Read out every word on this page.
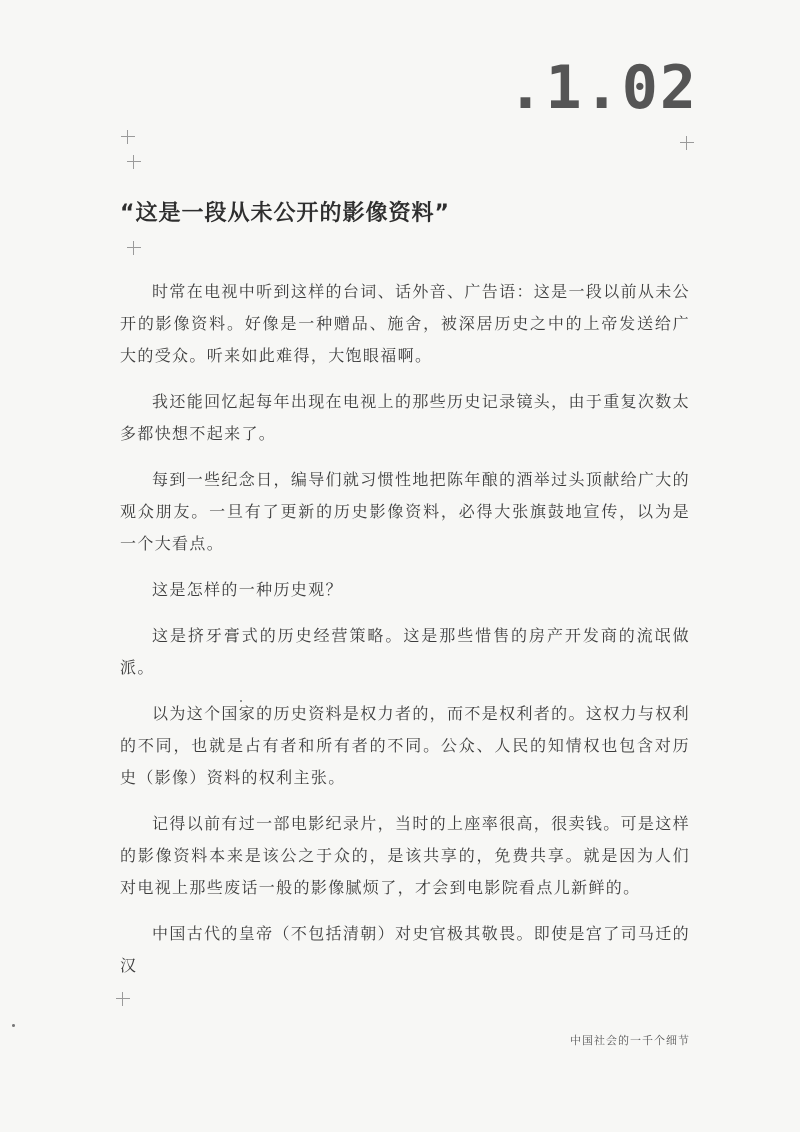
.1.02
“这是一段从未公开的影像资料”

时常在电视中听到这样的台词、话外音、广告语：这是一段以前从未公开的影像资料。好像是一种赠品、施舍，被深居历史之中的上帝发送给广大的受众。听来如此难得，大饱眼福啊。

我还能回忆起每年出现在电视上的那些历史记录镜头，由于重复次数太多都快想不起来了。

每到一些纪念日，编导们就习惯性地把陈年酿的酒举过头顶献给广大的观众朋友。一旦有了更新的历史影像资料，必得大张旗鼓地宣传，以为是一个大看点。

这是怎样的一种历史观？

这是挤牙膏式的历史经营策略。这是那些惜售的房产开发商的流氓做派。

以为这个国家的历史资料是权力者的，而不是权利者的。这权力与权利的不同，也就是占有者和所有者的不同。公众、人民的知情权也包含对历史（影像）资料的权利主张。

记得以前有过一部电影纪录片，当时的上座率很高，很卖钱。可是这样的影像资料本来是该公之于众的，是该共享的，免费共享。就是因为人们对电视上那些废话一般的影像腻烦了，才会到电影院看点儿新鲜的。

中国古代的皇帝（不包括清朝）对史官极其敬畏。即使是宫了司马迁的汉

中国社会的一千个细节
